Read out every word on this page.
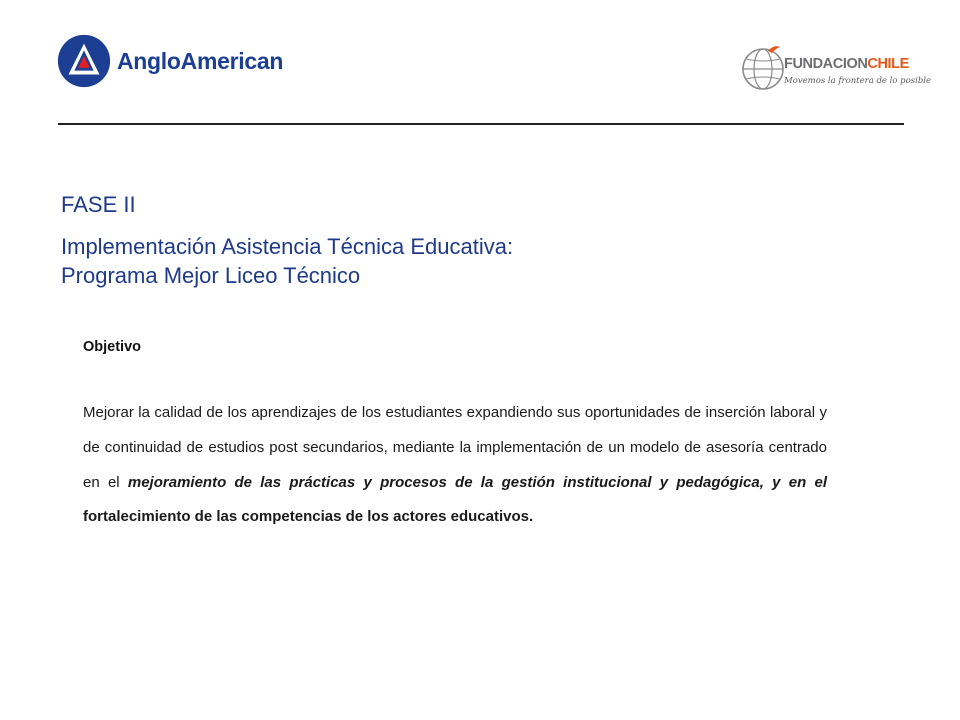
AngloAmerican	FUNDACIONCHILE
Movemos la frontera de lo posible
FASE II
Implementación Asistencia Técnica Educativa:
Programa Mejor Liceo Técnico
Objetivo
Mejorar la calidad de los aprendizajes de los estudiantes expandiendo sus oportunidades de inserción laboral y de continuidad de estudios post secundarios, mediante la implementación de un modelo de asesoría centrado en el mejoramiento de las prácticas y procesos de la gestión institucional y pedagógica, y en el fortalecimiento de las competencias de los actores educativos.
